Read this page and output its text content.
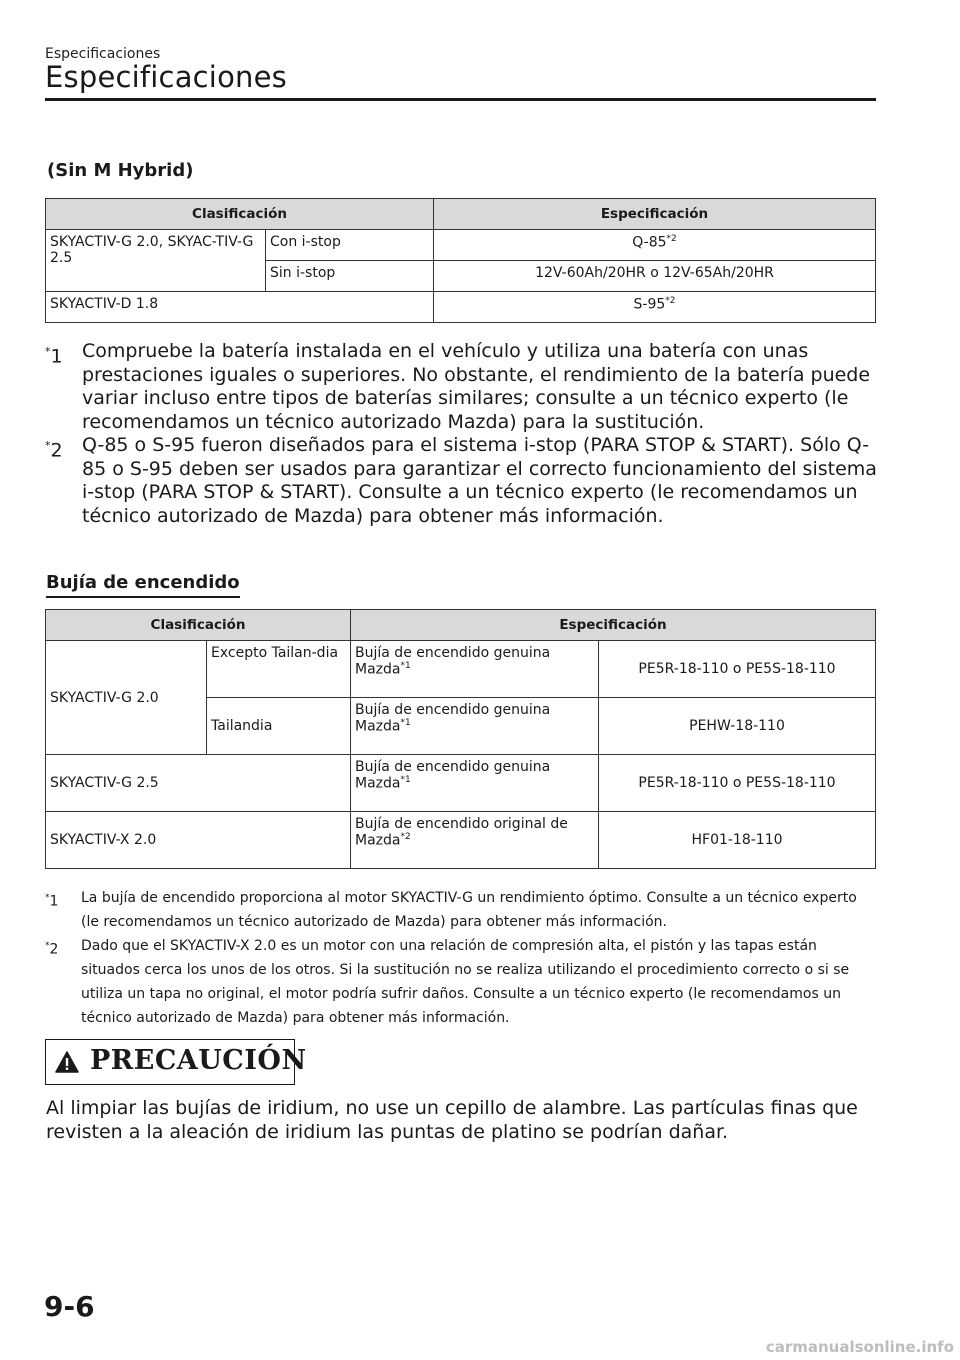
Especificaciones
Especificaciones
(Sin M Hybrid)
Clasificación		Especificación
SKYACTIV-G 2.0, SKYAC-TIV-G 2.5	Con i-stop	Q-85$^{*2}$
	Sin i-stop	12V-60Ah/20HR o 12V-65Ah/20HR
SKYACTIV-D 1.8		S-95$^{*2}$
*1 Compruebe la batería instalada en el vehículo y utiliza una batería con unas prestaciones iguales o superiores. No obstante, el rendimiento de la batería puede variar incluso entre tipos de baterías similares; consulte a un técnico experto (le recomendamos un técnico autorizado Mazda) para la sustitución.
*2 Q-85 o S-95 fueron diseñados para el sistema i-stop (PARA STOP & START). Sólo Q-85 o S-95 deben ser usados para garantizar el correcto funcionamiento del sistema i-stop (PARA STOP & START). Consulte a un técnico experto (le recomendamos un técnico autorizado de Mazda) para obtener más información.
Bujía de encendido
Clasificación		Especificación	
SKYACTIV-G 2.0	Excepto Tailan-dia	Bujía de encendido genuina Mazda$^{*1}$	PE5R-18-110 o PE5S-18-110
	Tailandia	Bujía de encendido genuina Mazda$^{*1}$	PEHW-18-110
SKYACTIV-G 2.5		Bujía de encendido genuina Mazda$^{*1}$	PE5R-18-110 o PE5S-18-110
SKYACTIV-X 2.0		Bujía de encendido original de Mazda$^{*2}$	HF01-18-110
*1 La bujía de encendido proporciona al motor SKYACTIV-G un rendimiento óptimo. Consulte a un técnico experto (le recomendamos un técnico autorizado de Mazda) para obtener más información.
*2 Dado que el SKYACTIV-X 2.0 es un motor con una relación de compresión alta, el pistón y las tapas están situados cerca los unos de los otros. Si la sustitución no se realiza utilizando el procedimiento correcto o si se utiliza un tapa no original, el motor podría sufrir daños. Consulte a un técnico experto (le recomendamos un técnico autorizado de Mazda) para obtener más información.
PRECAUCIÓN
Al limpiar las bujías de iridium, no use un cepillo de alambre. Las partículas finas que revisten a la aleación de iridium las puntas de platino se podrían dañar.
9-6
carmanualsonline.info
